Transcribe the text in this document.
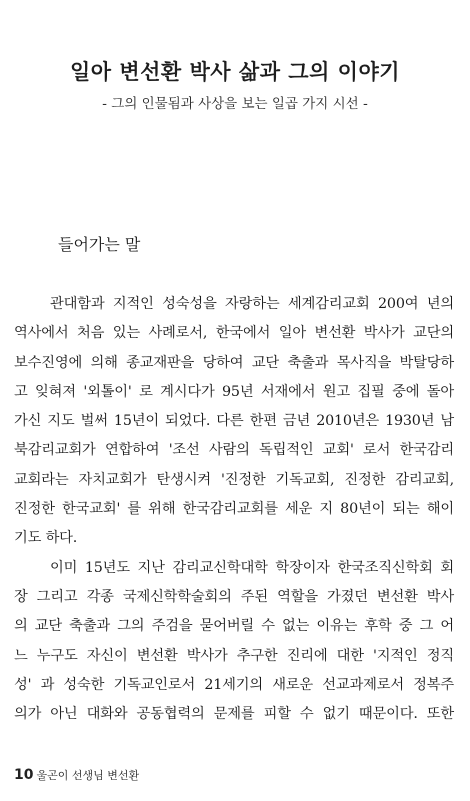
일아 변선환 박사 삶과 그의 이야기
- 그의 인물됨과 사상을 보는 일곱 가지 시선 -
들어가는 말
관대함과 지적인 성숙성을 자랑하는 세계감리교회 200여 년의
역사에서 처음 있는 사례로서, 한국에서 일아 변선환 박사가 교단의
보수진영에 의해 종교재판을 당하여 교단 축출과 목사직을 박탈당하
고 잊혀져 '외톨이' 로 계시다가 95년 서재에서 원고 집필 중에 돌아
가신 지도 벌써 15년이 되었다. 다른 한편 금년 2010년은 1930년 남
북감리교회가 연합하여 '조선 사람의 독립적인 교회' 로서 한국감리
교회라는 자치교회가 탄생시켜 '진정한 기독교회, 진정한 감리교회,
진정한 한국교회' 를 위해 한국감리교회를 세운 지 80년이 되는 해이
기도 하다.
이미 15년도 지난 감리교신학대학 학장이자 한국조직신학회 회
장 그리고 각종 국제신학학술회의 주된 역할을 가졌던 변선환 박사
의 교단 축출과 그의 주검을 묻어버릴 수 없는 이유는 후학 중 그 어
느 누구도 자신이 변선환 박사가 추구한 진리에 대한 '지적인 정직
성' 과 성숙한 기독교인로서 21세기의 새로운 선교과제로서 정복주
의가 아닌 대화와 공동협력의 문제를 피할 수 없기 때문이다. 또한
10 울곤이 선생님 변선환
